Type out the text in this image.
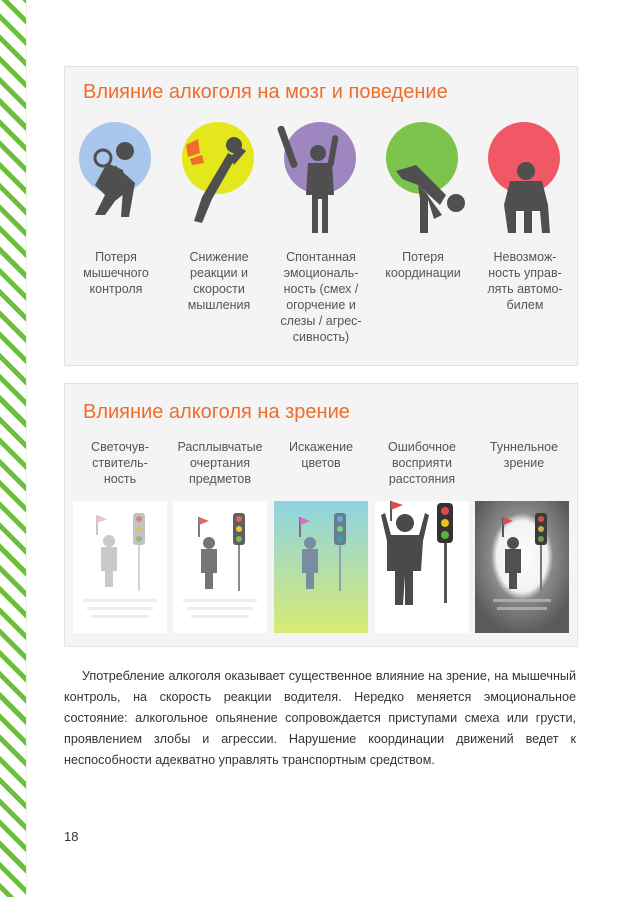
Влияние алкоголя на мозг и поведение
Потеря
мышечного
контроля
Снижение
реакции и
скорости
мышления
Спонтанная
эмоциональ-
ность (смех /
огорчение и
слезы / агрес-
сивность)
Потеря
координации
Невозмож-
ность управ-
лять автомо-
билем
Влияние алкоголя на зрение
Светочув-
ствитель-
ность
Расплывчатые
очертания
предметов
Искажение
цветов
Ошибочное
восприяти
расстояния
Туннельное
зрение
Употребление алкоголя оказывает существенное влияние на зрение, на мышечный контроль, на скорость реакции водителя. Нередко меняется эмоциональное состояние: алкогольное опьянение сопровождается приступами смеха или грусти, проявлением злобы и агрессии. Нарушение координации движений ведет к неспособности адекватно управлять транспортным средством.
18
